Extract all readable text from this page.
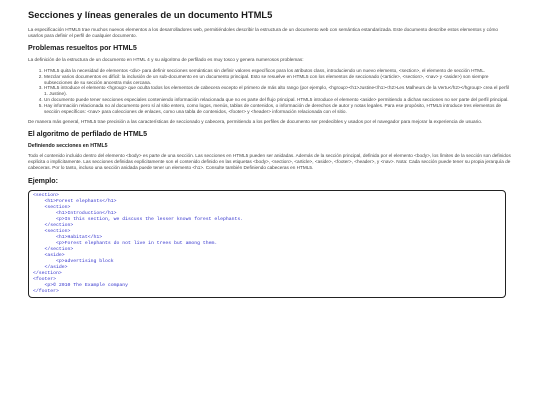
Secciones y líneas generales de un documento HTML5

La especificación HTML5 trae muchos nuevos elementos a los desarrolladores web, permitiéndoles describir la estructura de un documento web con semántica estandarizada. Este documento describe estos elementos y cómo usarlos para definir el perfil de cualquier documento.

Problemas resueltos por HTML5

La definición de la estructura de un documento en HTML 4 y su algoritmo de perfilado es muy tosco y genera numerosos problemas:

1. HTML5 quita la necesidad de elementos <div> para definir secciones semánticas sin definir valores específicos para los atributos class, introduciendo un nuevo elemento, <section>, el elemento de sección HTML.
2. Mezclar varios documentos es difícil: la inclusión de un sub-documento en un documento principal. Esto se resuelve en HTML5 con los elementos de seccionado (<article>, <section>, <nav> y <aside>) son siempre subsecciones de su sección ancestra más cercana.
3. HTML5 introduce el elemento <hgroup> que oculta todos los elementos de cabecera excepto el primero de más alto rango (por ejemplo, <hgroup><h1>Justine</h1><h2>Les Malheurs de la Vertu</h2></hgroup> crea el perfil 1. Justine).
4. Un documento puede tener secciones especiales conteniendo información relacionada que no es parte del flujo principal. HTML5 introduce el elemento <aside> permitiendo a dichas secciones no ser parte del perfil principal.
5. Hay información relacionada no al documento pero sí al sitio entero, como logos, menús, tablas de contenidos, o información de derechos de autor y notas legales. Para ese propósito, HTML5 introduce tres elementos de sección específicos: <nav> para colecciones de enlaces, como una tabla de contenidos, <footer> y <header> información relacionada con el sitio.

De manera más general, HTML5 trae precisión a las características de seccionado y cabecera, permitiendo a los perfiles de documento ser predecibles y usados por el navegador para mejorar la experiencia de usuario.

El algoritmo de perfilado de HTML5
Definiendo secciones en HTML5

Todo el contenido incluido dentro del elemento <body> es parte de una sección. Las secciones en HTML5 pueden ser anidadas. Además de la sección principal, definida por el elemento <body>, los límites de la sección son definidos explícita o implícitamente. Las secciones definidas explícitamente son el contenido definido en las etiquetas <body>, <section>, <article>, <aside>, <footer>, <header>, y <nav>. Nota: Cada sección puede tener su propia jerarquía de cabeceras. Por lo tanto, incluso una sección anidada puede tener un elemento <h1>. Consulte también Definiendo cabeceras en HTML5.

Ejemplo:
<section>
<h1>Forest elephants</h1>
<section>
<h1>Introduction</h1>
<p>In this section, we discuss the lesser known forest elephants.
</section>
<section>
<h1>Habitat</h1>
<p>Forest elephants do not live in trees but among them.
</section>
<aside>
<p>advertising block
</aside>
</section>
<footer>
<p>© 2010 The Example company
</footer>
